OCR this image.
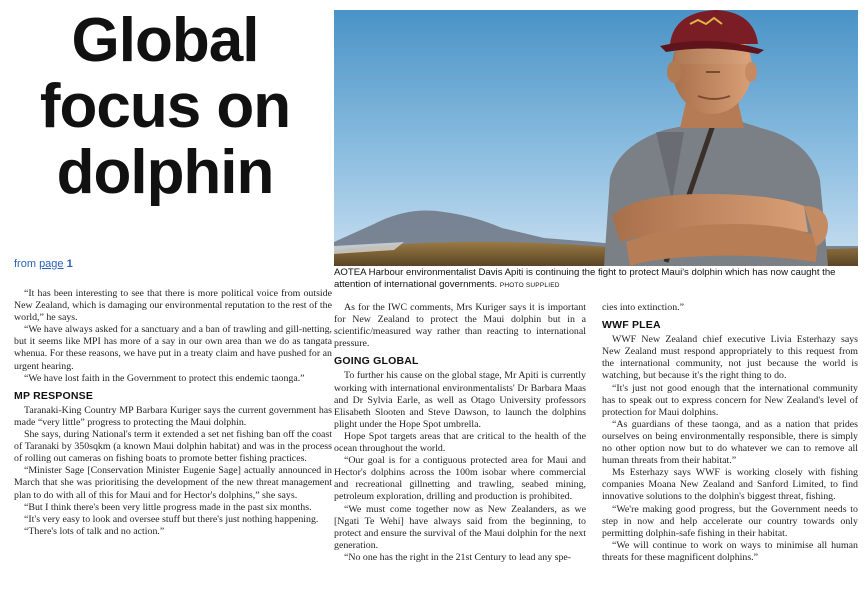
Global
focus on
dolphin
from page 1
AOTEA Harbour environmentalist Davis Apiti is continuing the fight to protect Maui's dolphin which has now caught the attention of international governments. PHOTO SUPPLIED

“It has been interesting to see that there is more political voice from outside New Zealand, which is damaging our environmental reputation to the rest of the world,” he says.

“We have always asked for a sanctuary and a ban of trawling and gill-netting, but it seems like MPI has more of a say in our own area than we do as tangata whenua. For these reasons, we have put in a treaty claim and have pushed for an urgent hearing.

“We have lost faith in the Government to protect this endemic taonga.”

MP RESPONSE

Taranaki-King Country MP Barbara Kuriger says the current government has made “very little” progress to protecting the Maui dolphin.

She says, during National's term it extended a set net fishing ban off the coast of Taranaki by 350sqkm (a known Maui dolphin habitat) and was in the process of rolling out cameras on fishing boats to promote better fishing practices.

“Minister Sage [Conservation Minister Eugenie Sage] actually announced in March that she was prioritising the development of the new threat management plan to do with all of this for Maui and for Hector's dolphins,” she says.

“But I think there's been very little progress made in the past six months.

“It's very easy to look and oversee stuff but there's just nothing happening.

“There's lots of talk and no action.”

As for the IWC comments, Mrs Kuriger says it is important for New Zealand to protect the Maui dolphin but in a scientific/measured way rather than reacting to international pressure.

GOING GLOBAL

To further his cause on the global stage, Mr Apiti is currently working with international environmentalists' Dr Barbara Maas and Dr Sylvia Earle, as well as Otago University professors Elisabeth Slooten and Steve Dawson, to launch the dolphins plight under the Hope Spot umbrella.

Hope Spot targets areas that are critical to the health of the ocean throughout the world.

“Our goal is for a contiguous protected area for Maui and Hector's dolphins across the 100m isobar where commercial and recreational gillnetting and trawling, seabed mining, petroleum exploration, drilling and production is prohibited.

“We must come together now as New Zealanders, as we [Ngati Te Wehi] have always said from the beginning, to protect and ensure the survival of the Maui dolphin for the next generation.

“No one has the right in the 21st Century to lead any spe-

cies into extinction.”

WWF PLEA

WWF New Zealand chief executive Livia Esterhazy says New Zealand must respond appropriately to this request from the international community, not just because the world is watching, but because it's the right thing to do.

“It's just not good enough that the international community has to speak out to express concern for New Zealand's level of protection for Maui dolphins.

“As guardians of these taonga, and as a nation that prides ourselves on being environmentally responsible, there is simply no other option now but to do whatever we can to remove all human threats from their habitat.”

Ms Esterhazy says WWF is working closely with fishing companies Moana New Zealand and Sanford Limited, to find innovative solutions to the dolphin's biggest threat, fishing.

“We're making good progress, but the Government needs to step in now and help accelerate our country towards only permitting dolphin-safe fishing in their habitat.

“We will continue to work on ways to minimise all human threats for these magnificent dolphins.”
